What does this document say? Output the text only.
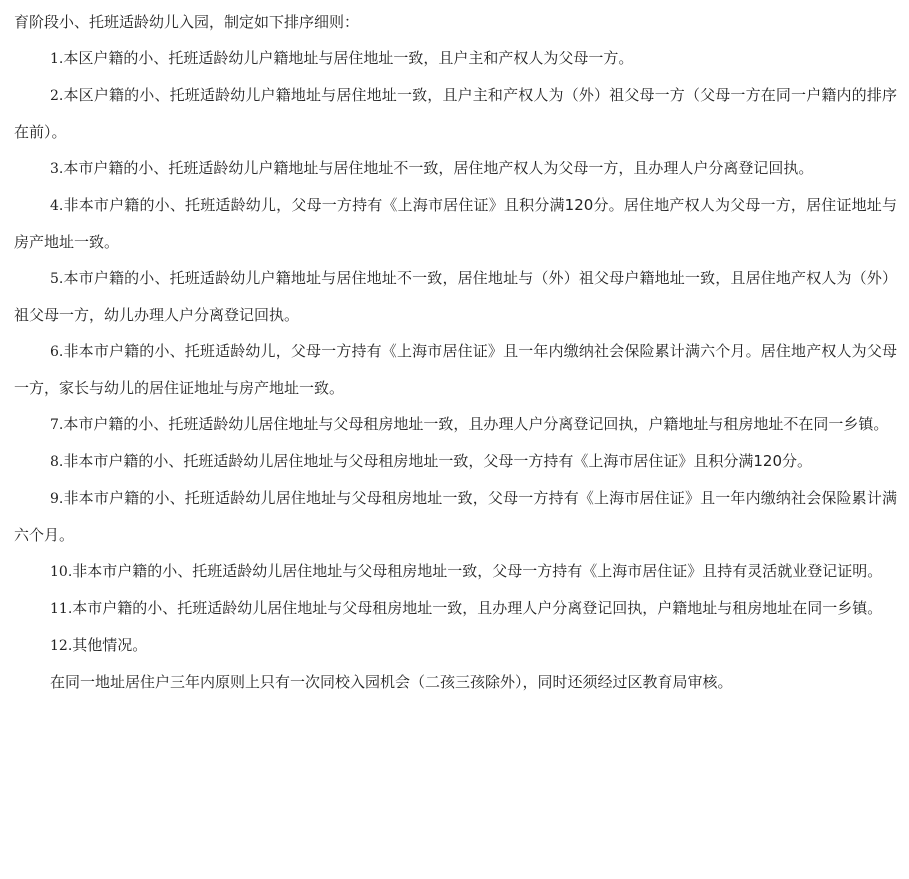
育阶段小、托班适龄幼儿入园，制定如下排序细则：

1.本区户籍的小、托班适龄幼儿户籍地址与居住地址一致，且户主和产权人为父母一方。

2.本区户籍的小、托班适龄幼儿户籍地址与居住地址一致，且户主和产权人为（外）祖父母一方（父母一方在同一户籍内的排序在前）。

3.本市户籍的小、托班适龄幼儿户籍地址与居住地址不一致，居住地产权人为父母一方，且办理人户分离登记回执。

4.非本市户籍的小、托班适龄幼儿，父母一方持有《上海市居住证》且积分满120分。居住地产权人为父母一方，居住证地址与房产地址一致。

5.本市户籍的小、托班适龄幼儿户籍地址与居住地址不一致，居住地址与（外）祖父母户籍地址一致，且居住地产权人为（外）祖父母一方，幼儿办理人户分离登记回执。

6.非本市户籍的小、托班适龄幼儿，父母一方持有《上海市居住证》且一年内缴纳社会保险累计满六个月。居住地产权人为父母一方，家长与幼儿的居住证地址与房产地址一致。

7.本市户籍的小、托班适龄幼儿居住地址与父母租房地址一致，且办理人户分离登记回执，户籍地址与租房地址不在同一乡镇。

8.非本市户籍的小、托班适龄幼儿居住地址与父母租房地址一致，父母一方持有《上海市居住证》且积分满120分。

9.非本市户籍的小、托班适龄幼儿居住地址与父母租房地址一致，父母一方持有《上海市居住证》且一年内缴纳社会保险累计满六个月。

10.非本市户籍的小、托班适龄幼儿居住地址与父母租房地址一致，父母一方持有《上海市居住证》且持有灵活就业登记证明。

11.本市户籍的小、托班适龄幼儿居住地址与父母租房地址一致，且办理人户分离登记回执，户籍地址与租房地址在同一乡镇。

12.其他情况。

在同一地址居住户三年内原则上只有一次同校入园机会（二孩三孩除外），同时还须经过区教育局审核。
